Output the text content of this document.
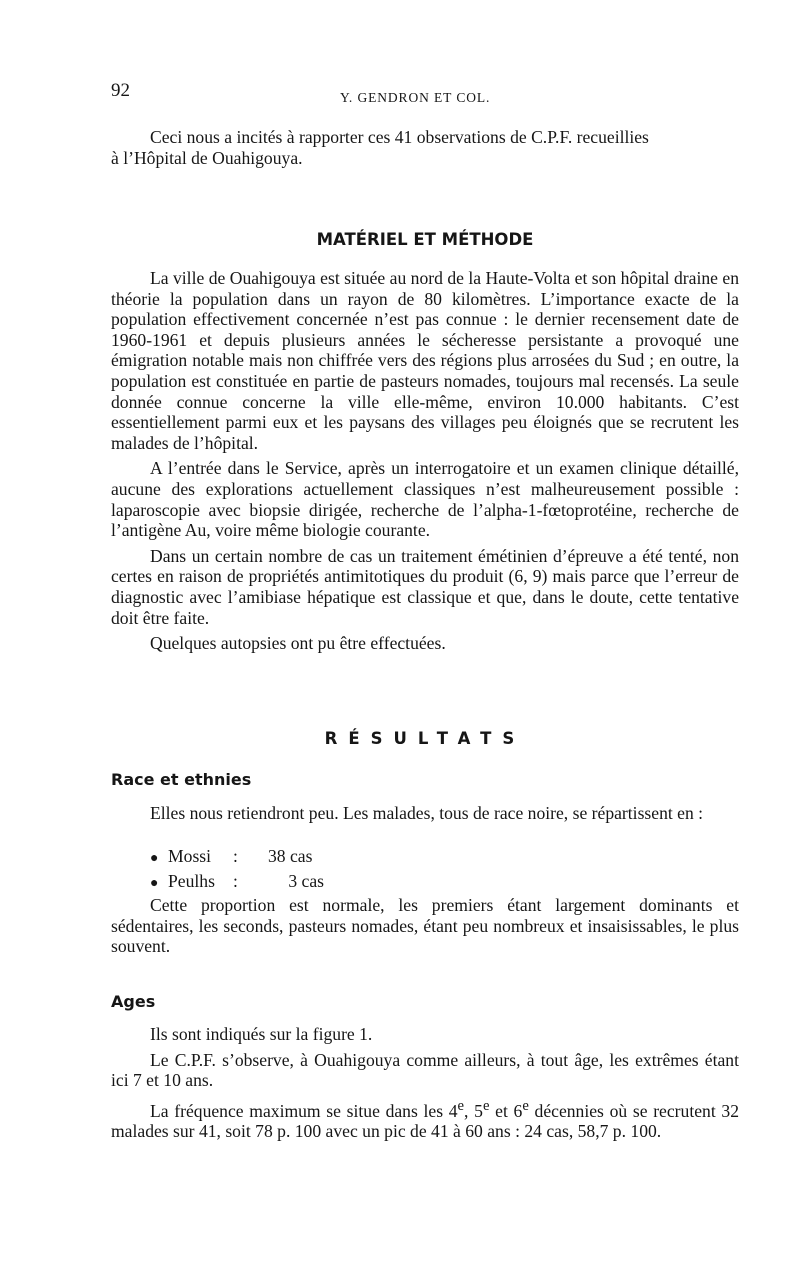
92	Y. GENDRON ET COL.

Ceci nous a incités à rapporter ces 41 observations de C.P.F. recueillies

à l’Hôpital de Ouahigouya.

MATÉRIEL ET MÉTHODE

La ville de Ouahigouya est située au nord de la Haute-Volta et son hôpital draine en théorie la population dans un rayon de 80 kilomètres. L’importance exacte de la population effectivement concernée n’est pas connue : le dernier recensement date de 1960-1961 et depuis plusieurs années le sécheresse persistante a provoqué une émigration notable mais non chiffrée vers des régions plus arrosées du Sud ; en outre, la population est constituée en partie de pasteurs nomades, toujours mal recensés. La seule donnée connue concerne la ville elle-même, environ 10.000 habitants. C’est essentiellement parmi eux et les paysans des villages peu éloignés que se recrutent les malades de l’hôpital.

A l’entrée dans le Service, après un interrogatoire et un examen clinique détaillé, aucune des explorations actuellement classiques n’est malheureusement possible : laparoscopie avec biopsie dirigée, recherche de l’alpha-1-fœtoprotéine, recherche de l’antigène Au, voire même biologie courante.

Dans un certain nombre de cas un traitement émétinien d’épreuve a été tenté, non certes en raison de propriétés antimitotiques du produit (6, 9) mais parce que l’erreur de diagnostic avec l’amibiase hépatique est classique et que, dans le doute, cette tentative doit être faite.

Quelques autopsies ont pu être effectuées.

RÉSULTATS
Race et ethnies

Elles nous retiendront peu. Les malades, tous de race noire, se répartissent en :

● Mossi : 38 cas
● Peulhs :	3 cas

Cette proportion est normale, les premiers étant largement dominants et sédentaires, les seconds, pasteurs nomades, étant peu nombreux et insaisissables, le plus souvent.

Ages

Ils sont indiqués sur la figure 1.

Le C.P.F. s’observe, à Ouahigouya comme ailleurs, à tout âge, les extrêmes étant ici 7 et 10 ans.

La fréquence maximum se situe dans les 4e, 5e et 6e décennies où se recrutent 32 malades sur 41, soit 78 p. 100 avec un pic de 41 à 60 ans : 24 cas, 58,7 p. 100.
